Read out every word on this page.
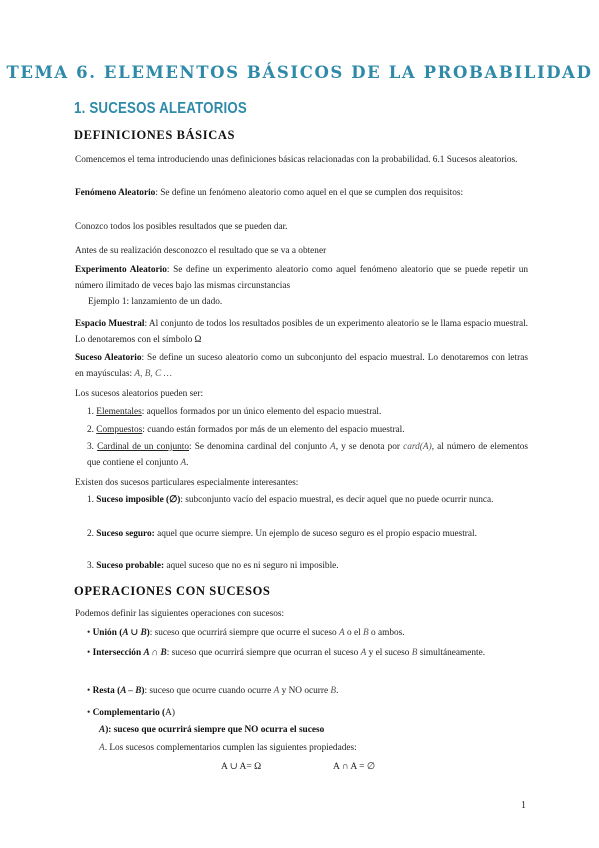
TEMA 6. ELEMENTOS BÁSICOS DE LA PROBABILIDAD
1. SUCESOS ALEATORIOS
DEFINICIONES BÁSICAS

Comencemos el tema introduciendo unas definiciones básicas relacionadas con la probabilidad. 6.1 Sucesos aleatorios.

Fenómeno Aleatorio: Se define un fenómeno aleatorio como aquel en el que se cumplen dos requisitos:

Conozco todos los posibles resultados que se pueden dar.

Antes de su realización desconozco el resultado que se va a obtener

Experimento Aleatorio: Se define un experimento aleatorio como aquel fenómeno aleatorio que se puede repetir un número ilimitado de veces bajo las mismas circunstancias

Ejemplo 1: lanzamiento de un dado.

Espacio Muestral: Al conjunto de todos los resultados posibles de un experimento aleatorio se le llama espacio muestral. Lo denotaremos con el símbolo Ω

Suceso Aleatorio: Se define un suceso aleatorio como un subconjunto del espacio muestral. Lo denotaremos con letras en mayúsculas: A, B, C …

Los sucesos aleatorios pueden ser:

1. Elementales: aquellos formados por un único elemento del espacio muestral.

2. Compuestos: cuando están formados por más de un elemento del espacio muestral.

3. Cardinal de un conjunto: Se denomina cardinal del conjunto A, y se denota por card(A), al número de elementos que contiene el conjunto A.

Existen dos sucesos particulares especialmente interesantes:

1. Suceso imposible (∅): subconjunto vacío del espacio muestral, es decir aquel que no puede ocurrir nunca.

2. Suceso seguro: aquel que ocurre siempre. Un ejemplo de suceso seguro es el propio espacio muestral.

3. Suceso probable: aquel suceso que no es ni seguro ni imposible.

OPERACIONES CON SUCESOS

Podemos definir las siguientes operaciones con sucesos:

• Unión (A ∪ B): suceso que ocurrirá siempre que ocurre el suceso A o el B o ambos.

• Intersección A ∩ B: suceso que ocurrirá siempre que ocurran el suceso A y el suceso B simultáneamente.

• Resta (A – B): suceso que ocurre cuando ocurre A y NO ocurre B.

• Complementario (A)

A): suceso que ocurrirá siempre que NO ocurra el suceso

A. Los sucesos complementarios cumplen las siguientes propiedades:

A ∪ A= Ω	A ∩ A = ∅
1
